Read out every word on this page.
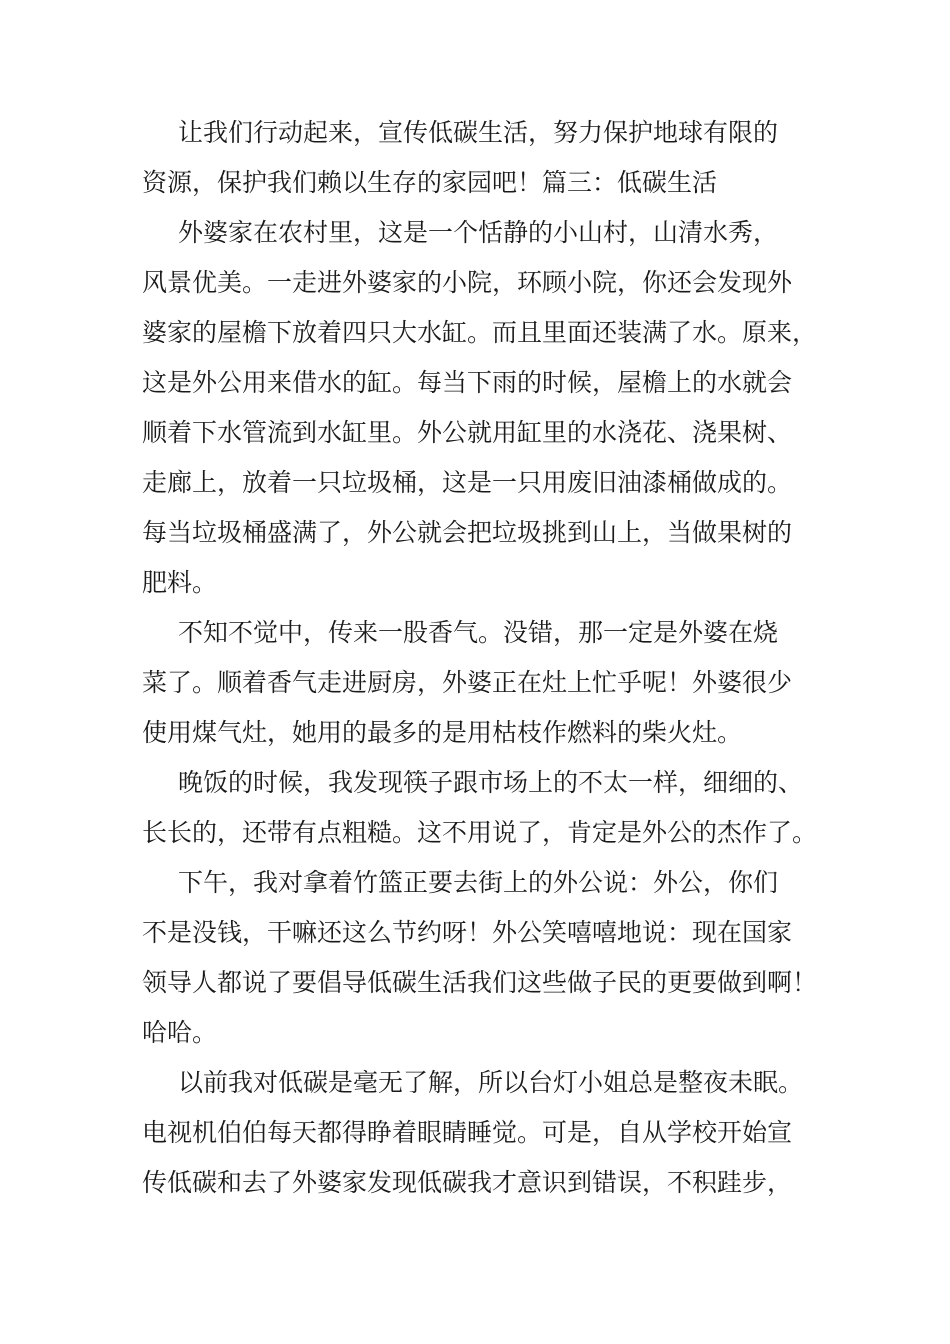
让我们行动起来，宣传低碳生活，努力保护地球有限的
资源，保护我们赖以生存的家园吧！篇三：低碳生活
外婆家在农村里，这是一个恬静的小山村，山清水秀，
风景优美。一走进外婆家的小院，环顾小院，你还会发现外
婆家的屋檐下放着四只大水缸。而且里面还装满了水。原来，
这是外公用来借水的缸。每当下雨的时候，屋檐上的水就会
顺着下水管流到水缸里。外公就用缸里的水浇花、浇果树、
走廊上，放着一只垃圾桶，这是一只用废旧油漆桶做成的。
每当垃圾桶盛满了，外公就会把垃圾挑到山上，当做果树的
肥料。
不知不觉中，传来一股香气。没错，那一定是外婆在烧
菜了。顺着香气走进厨房，外婆正在灶上忙乎呢！外婆很少
使用煤气灶，她用的最多的是用枯枝作燃料的柴火灶。
晚饭的时候，我发现筷子跟市场上的不太一样，细细的、
长长的，还带有点粗糙。这不用说了，肯定是外公的杰作了。
下午，我对拿着竹篮正要去街上的外公说：外公，你们
不是没钱，干嘛还这么节约呀！外公笑嘻嘻地说：现在国家
领导人都说了要倡导低碳生活我们这些做子民的更要做到啊！
哈哈。
以前我对低碳是毫无了解，所以台灯小姐总是整夜未眠。
电视机伯伯每天都得睁着眼睛睡觉。可是，自从学校开始宣
传低碳和去了外婆家发现低碳我才意识到错误，不积跬步，
